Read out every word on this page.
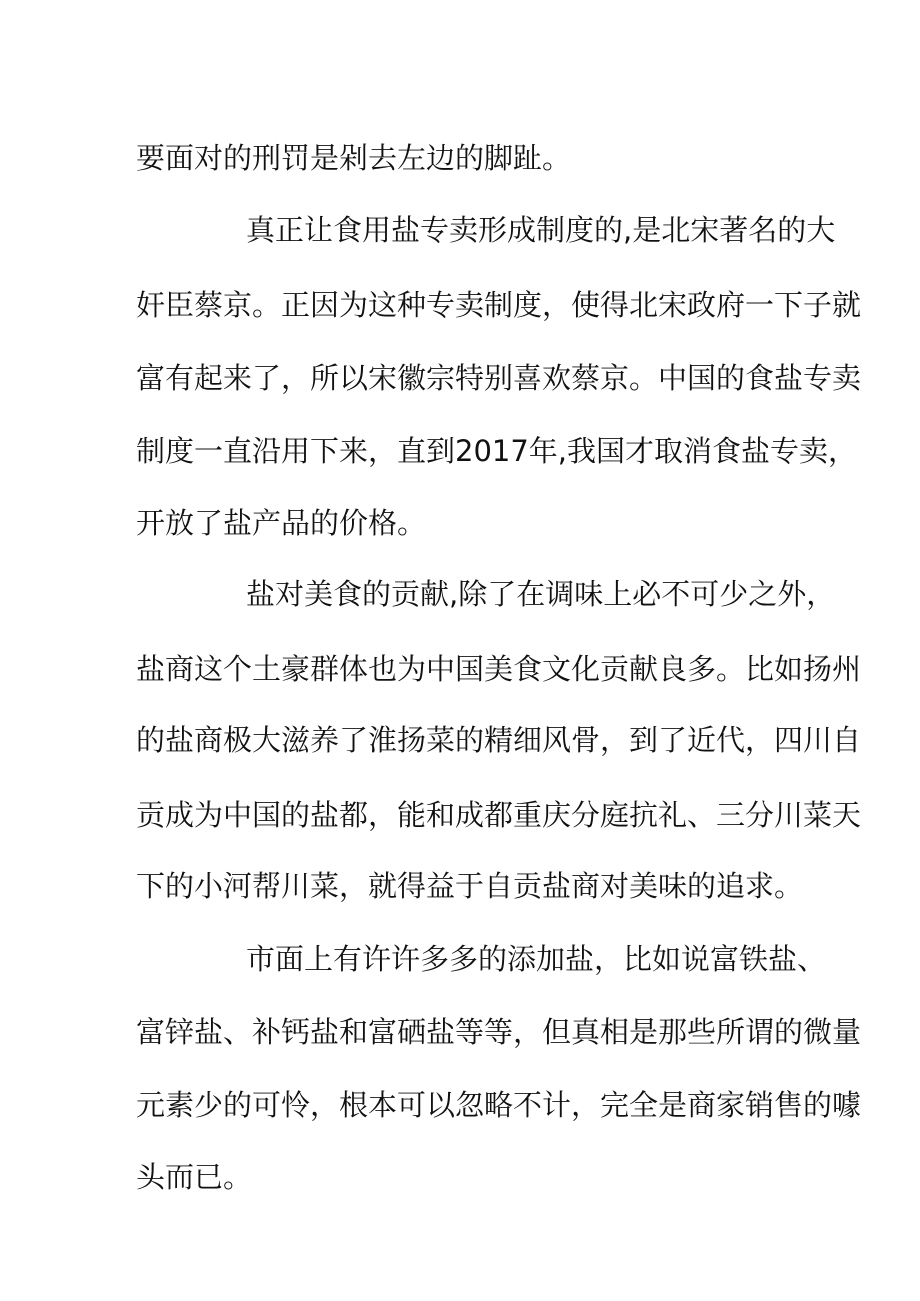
要面对的刑罚是剁去左边的脚趾。
真正让食用盐专卖形成制度的,是北宋著名的大
奸臣蔡京。正因为这种专卖制度，使得北宋政府一下子就
富有起来了，所以宋徽宗特别喜欢蔡京。中国的食盐专卖
制度一直沿用下来，直到2017年,我国才取消食盐专卖，
开放了盐产品的价格。
盐对美食的贡献,除了在调味上必不可少之外，
盐商这个土豪群体也为中国美食文化贡献良多。比如扬州
的盐商极大滋养了淮扬菜的精细风骨，到了近代，四川自
贡成为中国的盐都，能和成都重庆分庭抗礼、三分川菜天
下的小河帮川菜，就得益于自贡盐商对美味的追求。
市面上有许许多多的添加盐，比如说富铁盐、
富锌盐、补钙盐和富硒盐等等，但真相是那些所谓的微量
元素少的可怜，根本可以忽略不计，完全是商家销售的噱
头而已。
